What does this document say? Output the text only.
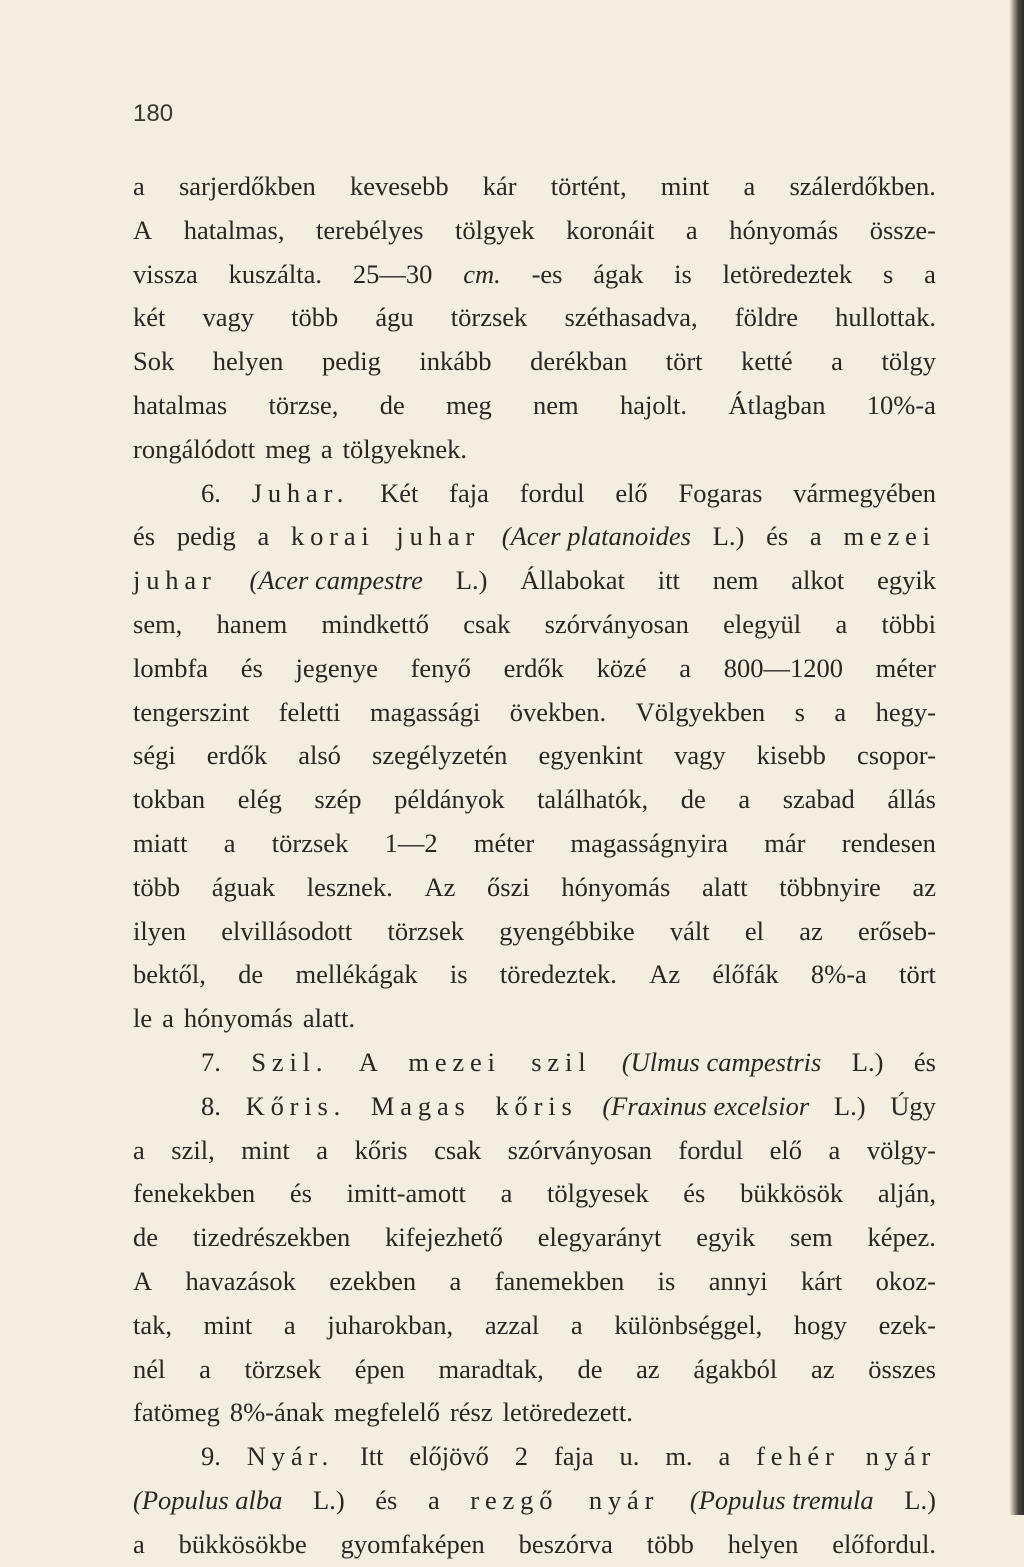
180
a sarjerdőkben kevesebb kár történt, mint a szálerdőkben.
A hatalmas, terebélyes tölgyek koronáit a hónyomás össze-
vissza kuszálta. 25—30 cm. -es ágak is letöredeztek s a
két vagy több águ törzsek széthasadva, földre hullottak.
Sok helyen pedig inkább derékban tört ketté a tölgy
hatalmas törzse, de meg nem hajolt. Átlagban 10%-a
rongálódott meg a tölgyeknek.
6. Juhar. Két faja fordul elő Fogaras vármegyében
és pedig a korai juhar (Acer platanoides L.) és a mezei
juhar (Acer campestre L.) Állabokat itt nem alkot egyik
sem, hanem mindkettő csak szórványosan elegyül a többi
lombfa és jegenye fenyő erdők közé a 800—1200 méter
tengerszint feletti magassági övekben. Völgyekben s a hegy-
ségi erdők alsó szegélyzetén egyenkint vagy kisebb csopor-
tokban elég szép példányok találhatók, de a szabad állás
miatt a törzsek 1—2 méter magasságnyira már rendesen
több águak lesznek. Az őszi hónyomás alatt többnyire az
ilyen elvillásodott törzsek gyengébbike vált el az erőseb-
bektől, de mellékágak is töredeztek. Az élőfák 8%-a tört
le a hónyomás alatt.
7. Szil. A mezei szil (Ulmus campestris L.) és
8. Kőris. Magas kőris (Fraxinus excelsior L.) Úgy
a szil, mint a kőris csak szórványosan fordul elő a völgy-
fenekekben és imitt-amott a tölgyesek és bükkösök alján,
de tizedrészekben kifejezhető elegyarányt egyik sem képez.
A havazások ezekben a fanemekben is annyi kárt okoz-
tak, mint a juharokban, azzal a különbséggel, hogy ezek-
nél a törzsek épen maradtak, de az ágakból az összes
fatömeg 8%-ának megfelelő rész letöredezett.
9. Nyár. Itt előjövő 2 faja u. m. a fehér nyár
(Populus alba L.) és a rezgő nyár (Populus tremula L.)
a bükkösökbe gyomfaképen beszórva több helyen előfordul.
